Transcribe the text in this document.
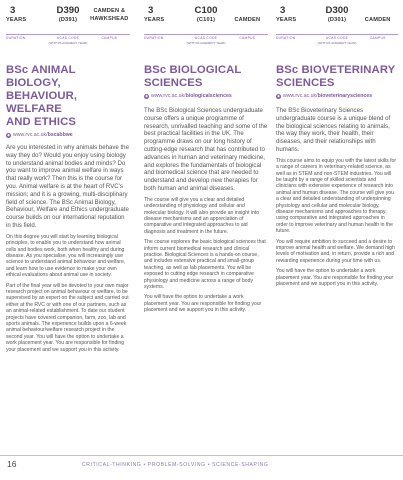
3
YEARS
D390
(D391)
CAMDEN &
HAWKSHEAD
DURATION	UCAS CODE
(WITH PLACEMENT YEAR)
CAMPUS
BSc ANIMAL BIOLOGY,
BEHAVIOUR, WELFARE
AND ETHICS
◉ www.rvc.ac.uk/bscabbwe

Are you interested in why animals behave the way they do? Would you enjoy using biology to understand animal bodies and minds? Do you want to improve animal welfare in ways that really work? Then this is the course for you. Animal welfare is at the heart of RVC's mission; and it is a growing, multi-disciplinary field of science. The BSc Animal Biology, Behaviour, Welfare and Ethics undergraduate course builds on our international reputation in this field.

On this degree you will start by learning biological principles, to enable you to understand how animal cells and bodies work, both when healthy and during disease. As you specialise, you will increasingly use science to understand animal behaviour and welfare, and learn how to use evidence to make your own ethical evaluations about animal use in society.

Part of the final year will be devoted to your own major research project on animal behaviour or welfare, to be supervised by an expert on the subject and carried out either at the RVC or with one of our partners, such as an animal-related establishment. To date our student projects have covered companion, farm, zoo, lab and sports animals. The experience builds upon a 6-week animal behaviour/welfare research project in the second year. You will have the option to undertake a work placement year. You are responsible for finding your placement and we support you in this activity.

3
YEARS
C100
(C101)	CAMDEN
DURATION	UCAS CODE
(WITH PLACEMENT YEAR)
CAMPUS
BSc BIOLOGICAL
SCIENCES
◉ www.rvc.ac.uk/biologicalsciences

The BSc Biological Sciences undergraduate course offers a unique programme of research, unrivalled teaching and some of the best practical facilities in the UK. The programme draws on our long history of cutting-edge research that has contributed to advances in human and veterinary medicine, and explores the fundamentals of biological and biomedical science that are needed to understand and develop new therapies for both human and animal diseases.

The course will give you a clear and detailed understanding of physiology and cellular and molecular biology. It will also provide an insight into disease mechanisms and an appreciation of comparative and integrated approaches to aid diagnosis and treatment in the future.

The course explores the basic biological sciences that inform current biomedical research and clinical practice. Biological Sciences is a hands-on course, and includes extensive practical and small-group teaching, as well as lab placements. You will be exposed to cutting edge research in comparative physiology and medicine across a range of body systems.

You will have the option to undertake a work placement year. You are responsible for finding your placement and we support you in this activity.

3
YEARS
D300
(D301)	CAMDEN
DURATION	UCAS CODE
(WITH PLACEMENT YEAR)
CAMPUS
BSc BIOVETERINARY
SCIENCES
◉ www.rvc.ac.uk/bioveterinarysciences

The BSc Bioveterinary Sciences undergraduate course is a unique blend of the biological sciences relating to animals, the way they work, their health, their diseases, and their relationships with humans.

This course aims to equip you with the latest skills for a range of careers in veterinary-related science, as well as in STEM and non-STEM industries. You will be taught by a range of skilled scientists and clinicians with extensive experience of research into animal and human disease. The course will give you a clear and detailed understanding of underpinning physiology and cellular and molecular biology, disease mechanisms and approaches to therapy, using comparative and integrated approaches in order to improve veterinary and human health in the future.

You will require ambition to succeed and a desire to improve animal health and welfare. We demand high levels of motivation and, in return, provide a rich and rewarding experience during your time with us.

You will have the option to undertake a work placement year. You are responsible for finding your placement and we support you in this activity.

16	CRITICAL-THINKING • PROBLEM-SOLVING • SCIENCE-SHAPING
